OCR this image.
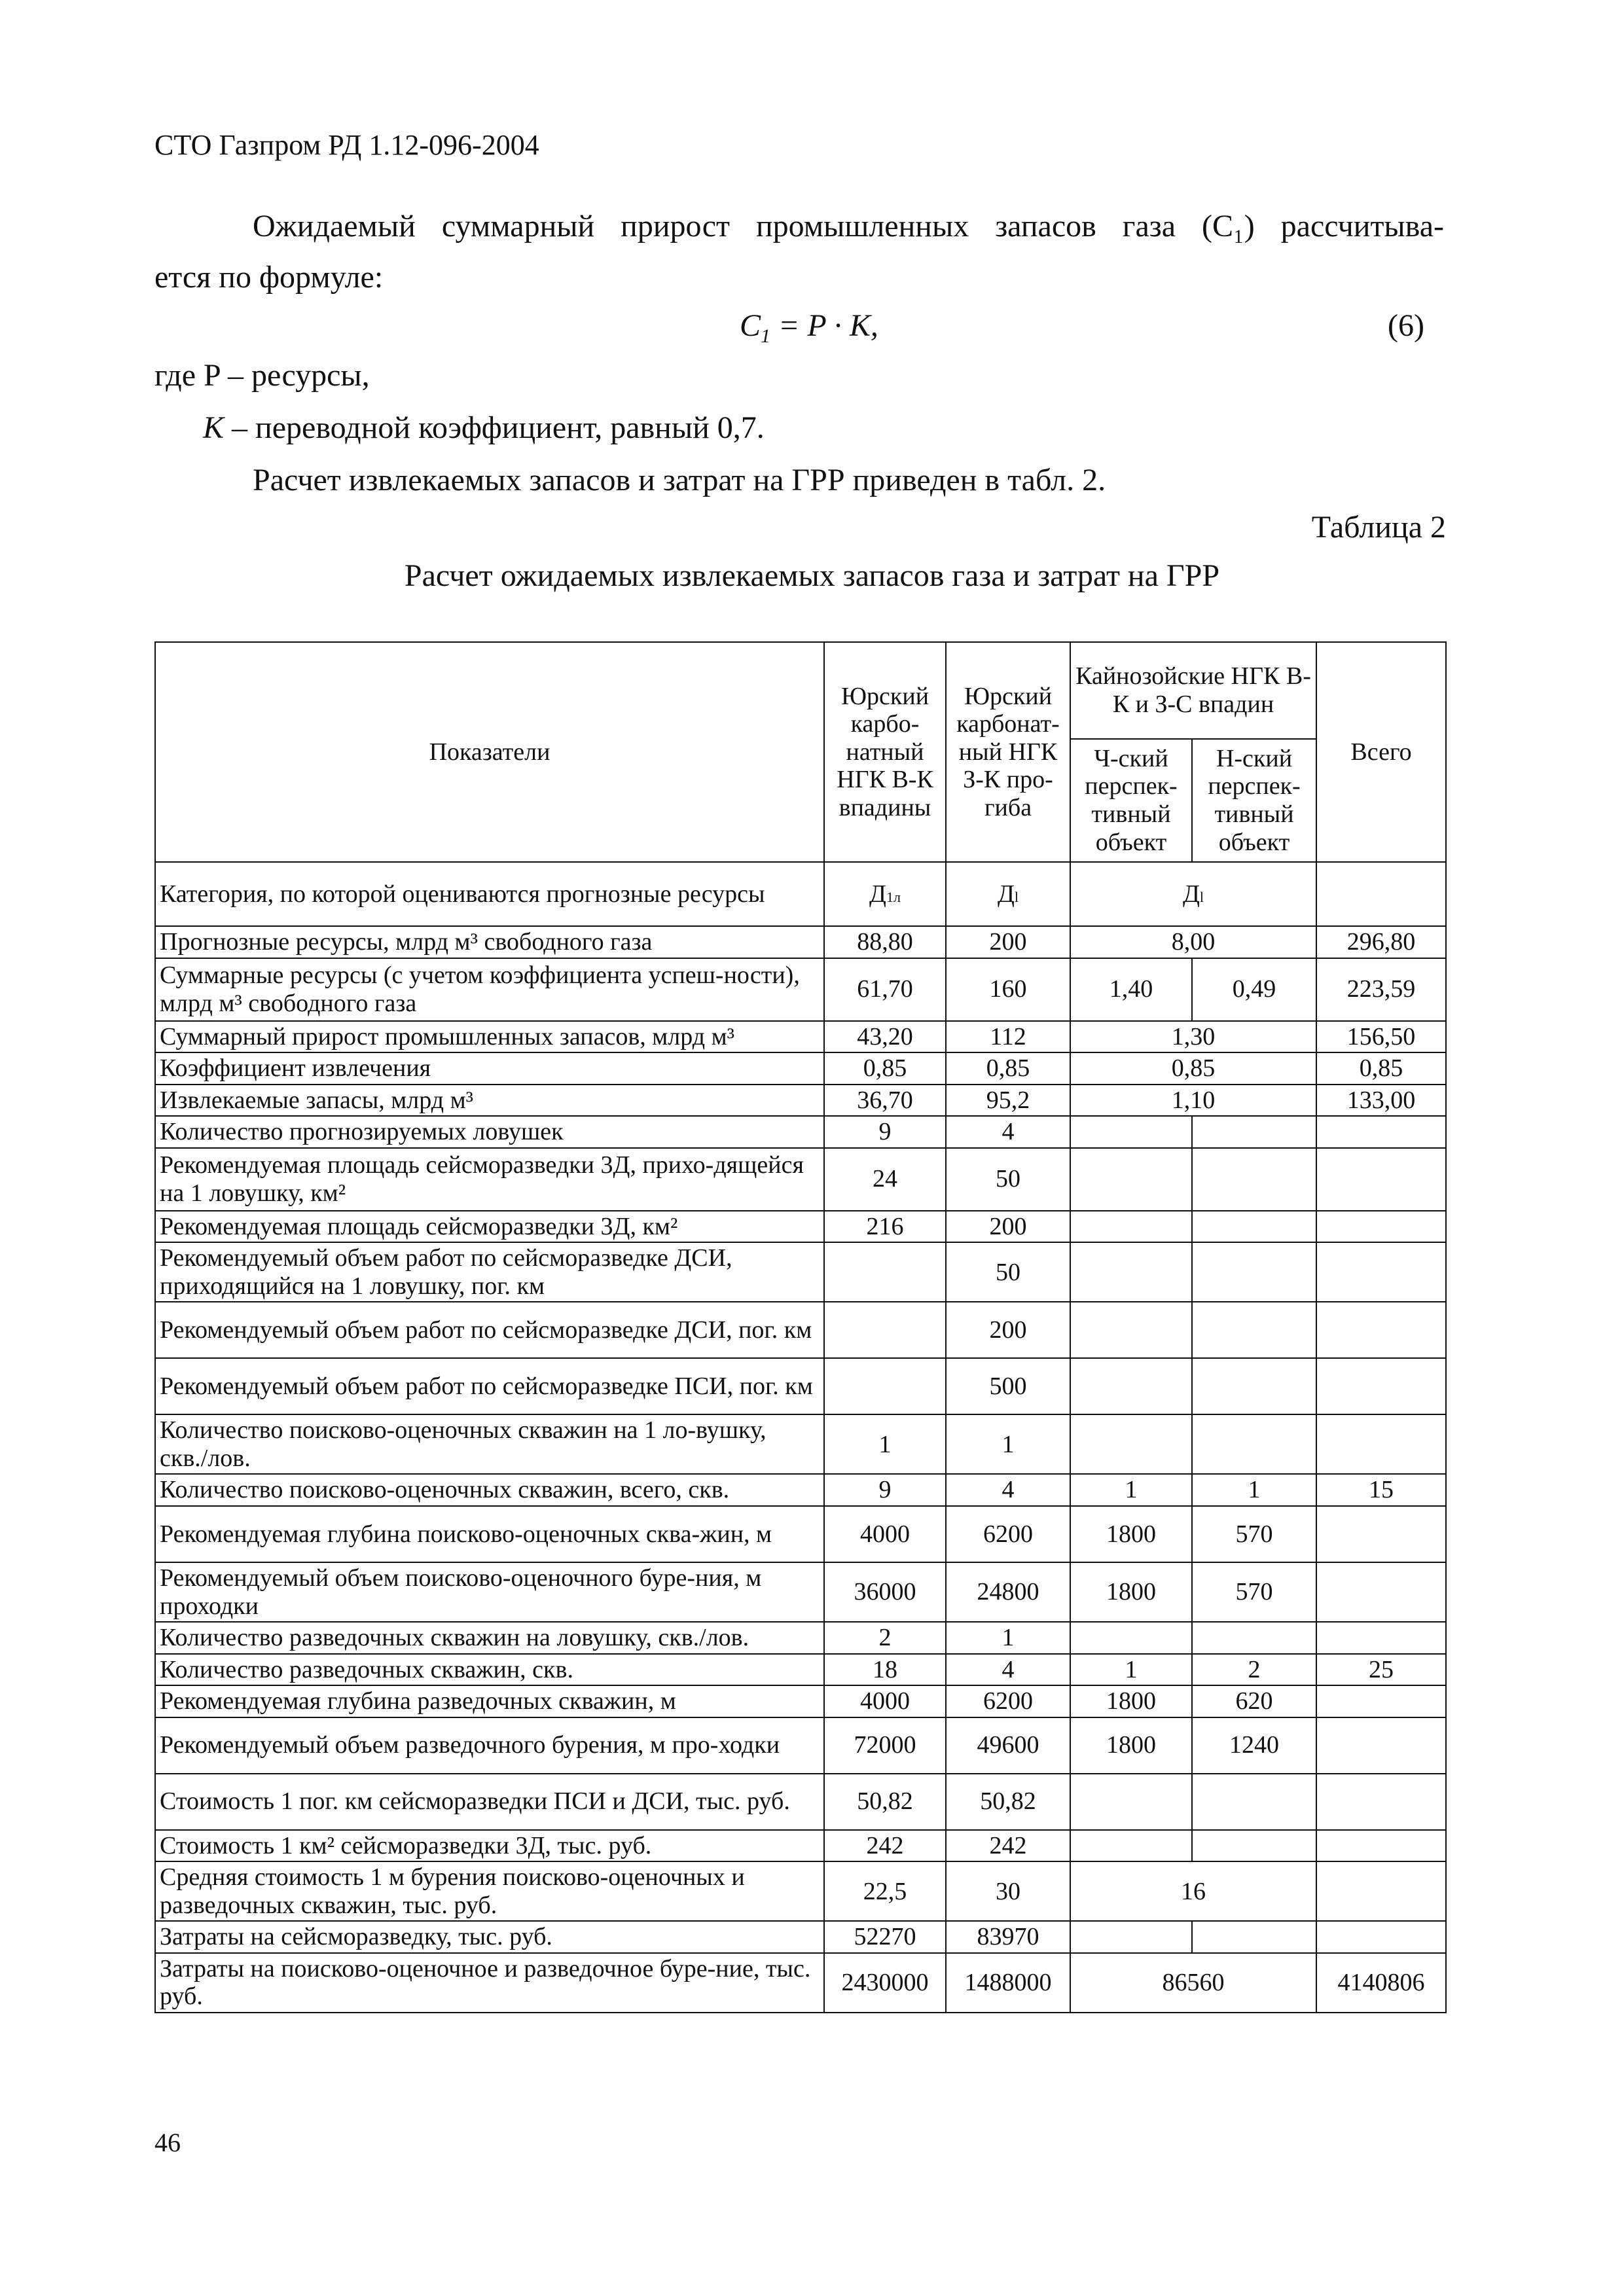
СТО Газпром РД 1.12-096-2004
Ожидаемый суммарный прирост промышленных запасов газа (C₁) рассчитыва-
ется по формуле:
$C_1 = P \cdot K$,	(6)
где P – ресурсы,
K – переводной коэффициент, равный 0,7.
Расчет извлекаемых запасов и затрат на ГРР приведен в табл. 2.
Таблица 2
Расчет ожидаемых извлекаемых запасов газа и затрат на ГРР
Показатели	Юрский карбо-натный НГК В-К впадины	Юрский карбонат-ный НГК З-К про-гиба	Кайнозойские НГК В-К и З-С впадин		Всего
			Ч-ский перспек-тивный объект	Н-ский перспек-тивный объект	
Категория, по которой оцениваются прогнозные ресурсы	Д1л	Дl	Дl		
Прогнозные ресурсы, млрд м³ свободного газа	88,80	200	8,00		296,80
Суммарные ресурсы (с учетом коэффициента успеш-ности), млрд м³ свободного газа	61,70	160	1,40	0,49	223,59
Суммарный прирост промышленных запасов, млрд м³	43,20	112	1,30		156,50
Коэффициент извлечения	0,85	0,85	0,85		0,85
Извлекаемые запасы, млрд м³	36,70	95,2	1,10		133,00
Количество прогнозируемых ловушек	9	4			
Рекомендуемая площадь сейсморазведки 3Д, прихо-дящейся на 1 ловушку, км²	24	50			
Рекомендуемая площадь сейсморазведки 3Д, км²	216	200			
Рекомендуемый объем работ по сейсморазведке ДСИ, приходящийся на 1 ловушку, пог. км		50			
Рекомендуемый объем работ по сейсморазведке ДСИ, пог. км		200			
Рекомендуемый объем работ по сейсморазведке ПСИ, пог. км		500			
Количество поисково-оценочных скважин на 1 ло-вушку, скв./лов.	1	1			
Количество поисково-оценочных скважин, всего, скв.	9	4	1	1	15
Рекомендуемая глубина поисково-оценочных сква-жин, м	4000	6200	1800	570	
Рекомендуемый объем поисково-оценочного буре-ния, м проходки	36000	24800	1800	570	
Количество разведочных скважин на ловушку, скв./лов.	2	1			
Количество разведочных скважин, скв.	18	4	1	2	25
Рекомендуемая глубина разведочных скважин, м	4000	6200	1800	620	
Рекомендуемый объем разведочного бурения, м про-ходки	72000	49600	1800	1240	
Стоимость 1 пог. км сейсморазведки ПСИ и ДСИ, тыс. руб.	50,82	50,82			
Стоимость 1 км² сейсморазведки 3Д, тыс. руб.	242	242			
Средняя стоимость 1 м бурения поисково-оценочных и разведочных скважин, тыс. руб.	22,5	30	16		
Затраты на сейсморазведку, тыс. руб.	52270	83970			
Затраты на поисково-оценочное и разведочное буре-ние, тыс. руб.	2430000	1488000	86560		4140806
46
